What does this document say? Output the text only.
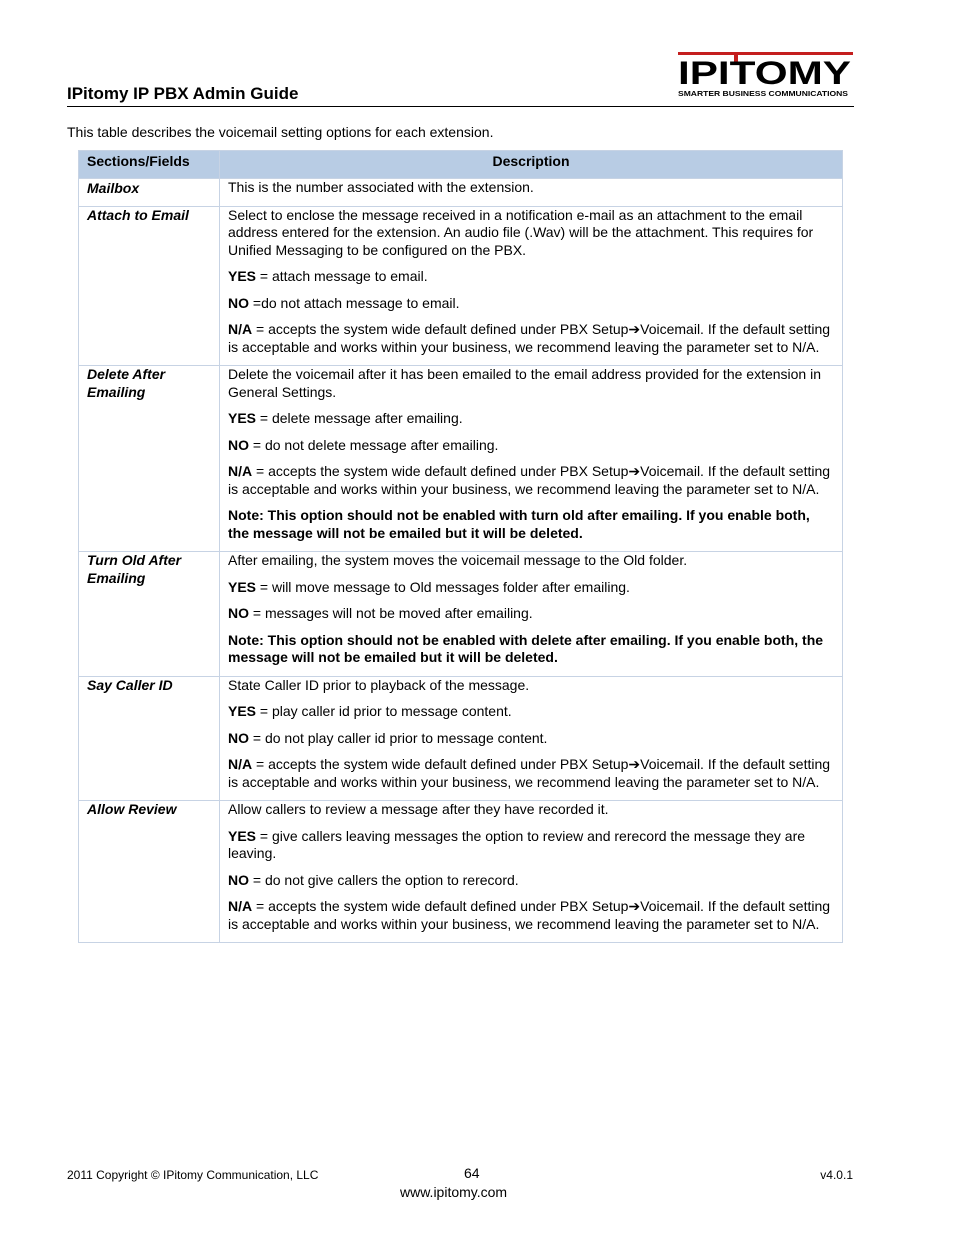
IPitomy IP PBX Admin Guide
IPITOMY
SMARTER BUSINESS COMMUNICATIONS
This table describes the voicemail setting options for each extension.
Sections/Fields	Description
Mailbox	This is the number associated with the extension.

Attach to Email	Select to enclose the message received in a notification e-mail as an attachment to the email address entered for the extension. An audio file (.Wav) will be the attachment. This requires for Unified Messaging to be configured on the PBX.

YES = attach message to email.

NO =do not attach message to email.

N/A = accepts the system wide default defined under PBX Setup➔Voicemail. If the default setting is acceptable and works within your business, we recommend leaving the parameter set to N/A.

Delete After Emailing	Delete the voicemail after it has been emailed to the email address provided for the extension in General Settings.

YES = delete message after emailing.

NO = do not delete message after emailing.

N/A = accepts the system wide default defined under PBX Setup➔Voicemail. If the default setting is acceptable and works within your business, we recommend leaving the parameter set to N/A.

Note: This option should not be enabled with turn old after emailing. If you enable both, the message will not be emailed but it will be deleted.

Turn Old After Emailing	After emailing, the system moves the voicemail message to the Old folder.

YES = will move message to Old messages folder after emailing.

NO = messages will not be moved after emailing.

Note: This option should not be enabled with delete after emailing. If you enable both, the message will not be emailed but it will be deleted.

Say Caller ID	State Caller ID prior to playback of the message.

YES = play caller id prior to message content.

NO = do not play caller id prior to message content.

N/A = accepts the system wide default defined under PBX Setup➔Voicemail. If the default setting is acceptable and works within your business, we recommend leaving the parameter set to N/A.

Allow Review	Allow callers to review a message after they have recorded it.

YES = give callers leaving messages the option to review and rerecord the message they are leaving.

NO = do not give callers the option to rerecord.

N/A = accepts the system wide default defined under PBX Setup➔Voicemail. If the default setting is acceptable and works within your business, we recommend leaving the parameter set to N/A.

2011 Copyright © IPitomy Communication, LLC	64
www.ipitomy.com
v4.0.1
